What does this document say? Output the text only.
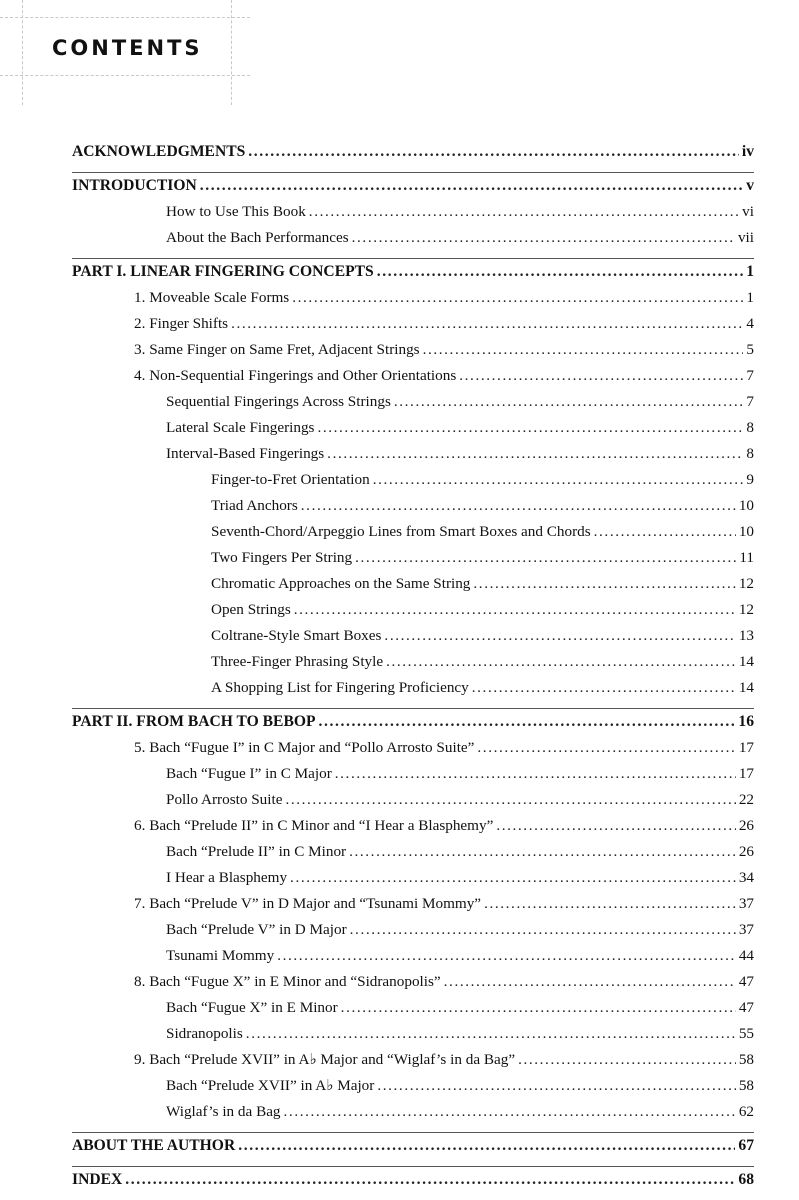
CONTENTS
ACKNOWLEDGMENTS .....	iv
INTRODUCTION .....	v
How to Use This Book .....	vi
About the Bach Performances .....	vii
PART I. LINEAR FINGERING CONCEPTS .....	1
1. Moveable Scale Forms .....	1
2. Finger Shifts .....	4
3. Same Finger on Same Fret, Adjacent Strings .....	5
4. Non-Sequential Fingerings and Other Orientations .....	7
Sequential Fingerings Across Strings .....	7
Lateral Scale Fingerings .....	8
Interval-Based Fingerings .....	8
Finger-to-Fret Orientation .....	9
Triad Anchors .....	10
Seventh-Chord/Arpeggio Lines from Smart Boxes and Chords .....	10
Two Fingers Per String .....	11
Chromatic Approaches on the Same String .....	12
Open Strings .....	12
Coltrane-Style Smart Boxes .....	13
Three-Finger Phrasing Style .....	14
A Shopping List for Fingering Proficiency .....	14
PART II. FROM BACH TO BEBOP .....	16
5. Bach “Fugue I” in C Major and “Pollo Arrosto Suite” .....	17
Bach “Fugue I” in C Major .....	17
Pollo Arrosto Suite .....	22
6. Bach “Prelude II” in C Minor and “I Hear a Blasphemy” .....	26
Bach “Prelude II” in C Minor .....	26
I Hear a Blasphemy .....	34
7. Bach “Prelude V” in D Major and “Tsunami Mommy” .....	37
Bach “Prelude V” in D Major .....	37
Tsunami Mommy .....	44
8. Bach “Fugue X” in E Minor and “Sidranopolis” .....	47
Bach “Fugue X” in E Minor .....	47
Sidranopolis .....	55
9. Bach “Prelude XVII” in A♭ Major and “Wiglaf’s in da Bag” .....	58
Bach “Prelude XVII” in A♭ Major .....	58
Wiglaf’s in da Bag .....	62
ABOUT THE AUTHOR .....	67
INDEX .....	68
